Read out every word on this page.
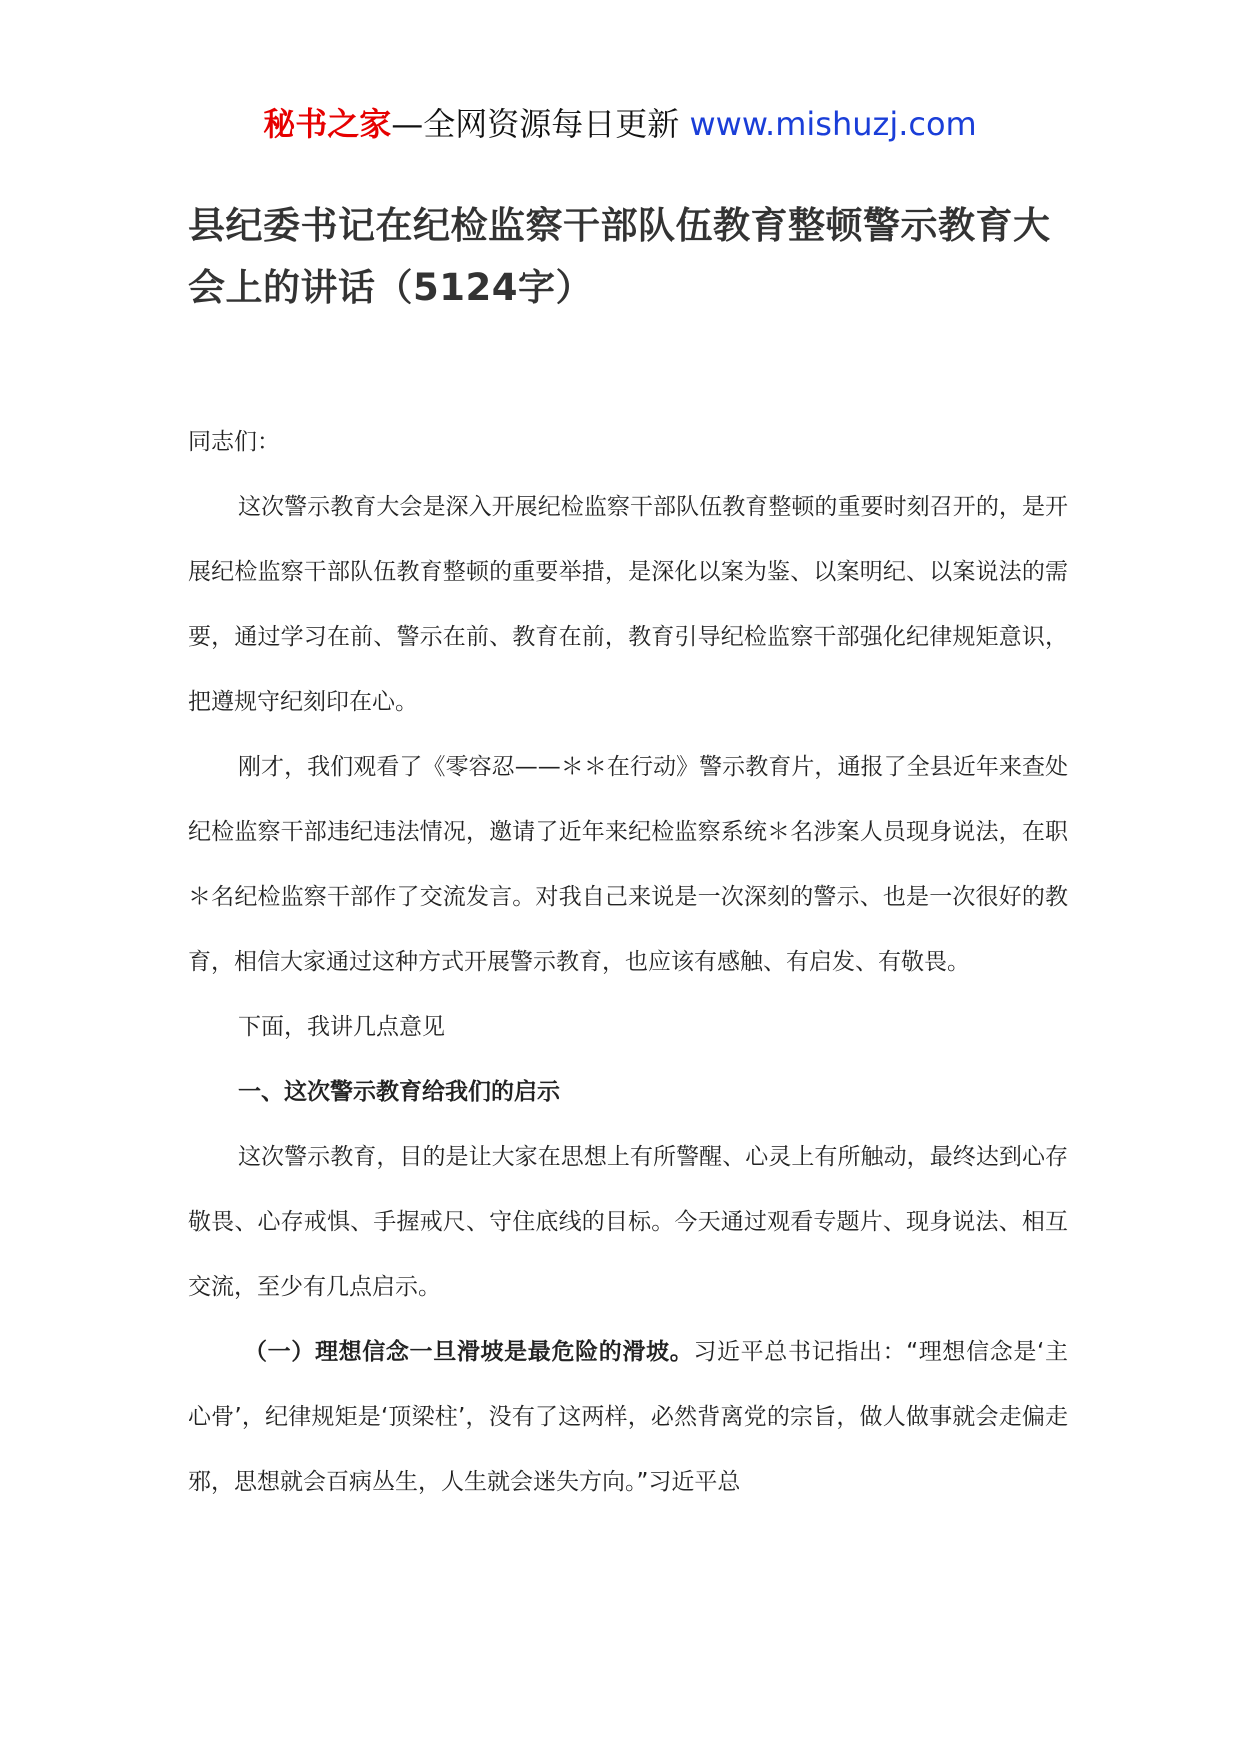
秘书之家—全网资源每日更新 www.mishuzj.com
县纪委书记在纪检监察干部队伍教育整顿警示教育大会上的讲话（5124字）

同志们：

这次警示教育大会是深入开展纪检监察干部队伍教育整顿的重要时刻召开的，是开展纪检监察干部队伍教育整顿的重要举措，是深化以案为鉴、以案明纪、以案说法的需要，通过学习在前、警示在前、教育在前，教育引导纪检监察干部强化纪律规矩意识，把遵规守纪刻印在心。

刚才，我们观看了《零容忍——＊＊在行动》警示教育片，通报了全县近年来查处纪检监察干部违纪违法情况，邀请了近年来纪检监察系统＊名涉案人员现身说法，在职＊名纪检监察干部作了交流发言。对我自己来说是一次深刻的警示、也是一次很好的教育，相信大家通过这种方式开展警示教育，也应该有感触、有启发、有敬畏。

下面，我讲几点意见

一、这次警示教育给我们的启示

这次警示教育，目的是让大家在思想上有所警醒、心灵上有所触动，最终达到心存敬畏、心存戒惧、手握戒尺、守住底线的目标。今天通过观看专题片、现身说法、相互交流，至少有几点启示。

（一）理想信念一旦滑坡是最危险的滑坡。习近平总书记指出：“理想信念是‘主心骨’，纪律规矩是‘顶梁柱’，没有了这两样，必然背离党的宗旨，做人做事就会走偏走邪，思想就会百病丛生，人生就会迷失方向。”习近平总
